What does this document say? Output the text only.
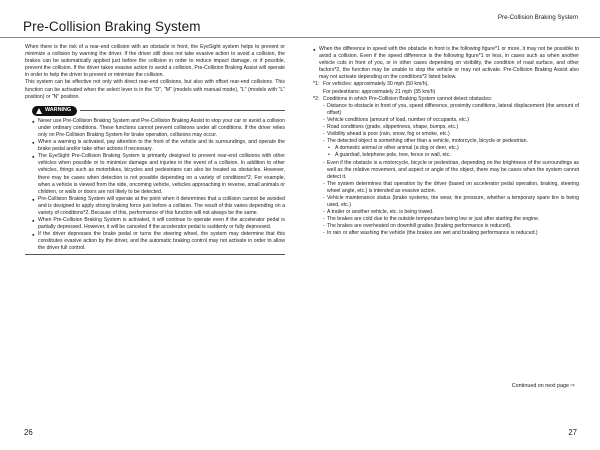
Pre-Collision Braking System
Pre-Collision Braking System

When there is the risk of a rear-end collision with an obstacle in front, the EyeSight system helps to prevent or minimize a collision by warning the driver. If the driver still does not take evasive action to avoid a collision, the brakes can be automatically applied just before the collision in order to reduce impact damage, or if possible, prevent the collision. If the driver takes evasive action to avoid a collision, Pre-Collision Braking Assist will operate in order to help the driver to prevent or minimize the collision.

This system can be effective not only with direct rear-end collisions, but also with offset rear-end collisions. This function can be activated when the select lever is in the "D", "M" (models with manual mode), "L" (models with "L" position) or "N" position.

WARNING
● Never use Pre-Collision Braking System and Pre-Collision Braking Assist to stop your car or avoid a collision under ordinary conditions. These functions cannot prevent collisions under all conditions. If the driver relies only on Pre-Collision Braking System for brake operation, collisions may occur.
● When a warning is activated, pay attention to the front of the vehicle and its surroundings, and operate the brake pedal and/or take other actions if necessary.
● The EyeSight Pre-Collision Braking System is primarily designed to prevent rear-end collisions with other vehicles when possible or to minimize damage and injuries in the event of a collision. In addition to other vehicles, things such as motorbikes, bicycles and pedestrians can also be treated as obstacles. However, there may be cases when detection is not possible depending on a variety of conditions*2. For example, when a vehicle is viewed from the side, oncoming vehicle, vehicles approaching in reverse, small animals or children, or walls or doors are not likely to be detected.
● Pre-Collision Braking System will operate at the point when it determines that a collision cannot be avoided and is designed to apply strong braking force just before a collision. The result of this varies depending on a variety of conditions*2. Because of this, performance of this function will not always be the same.
● When Pre-Collision Braking System is activated, it will continue to operate even if the accelerator pedal is partially depressed. However, it will be canceled if the accelerator pedal is suddenly or fully depressed.
● If the driver depresses the brake pedal or turns the steering wheel, the system may determine that this constitutes evasive action by the driver, and the automatic braking control may not activate in order to allow the driver full control.
● When the difference in speed with the obstacle in front is the following figure*1 or more, it may not be possible to avoid a collision. Even if the speed difference is the following figure*1 or less, in cases such as when another vehicle cuts in front of you, or in other cases depending on visibility, the condition of road surface, and other factors*2, the function may be unable to stop the vehicle or may not activate. Pre-Collision Braking Assist also may not activate depending on the conditions*2 listed below.
*1: For vehicles: approximately 30 mph (50 km/h),
For pedestrians: approximately 21 mph (35 km/h)
*2: Conditions in which Pre-Collision Braking System cannot detect obstacles:
- Distance to obstacle in front of you, speed difference, proximity conditions, lateral displacement (the amount of offset)
- Vehicle conditions (amount of load, number of occupants, etc.)
- Road conditions (grade, slipperiness, shape, bumps, etc.)
- Visibility ahead is poor (rain, snow, fog or smoke, etc.)
- The detected object is something other than a vehicle, motorcycle, bicycle or pedestrian.
• A domestic animal or other animal (a dog or deer, etc.)
• A guardrail, telephone pole, tree, fence or wall, etc.
- Even if the obstacle is a motorcycle, bicycle or pedestrian, depending on the brightness of the surroundings as well as the relative movement, and aspect or angle of the object, there may be cases when the system cannot detect it.
- The system determines that operation by the driver (based on accelerator pedal operation, braking, steering wheel angle, etc.) is intended as evasive action.
- Vehicle maintenance status (brake systems, tire wear, tire pressure, whether a temporary spare tire is being used, etc.)
- A trailer or another vehicle, etc. is being towed.
- The brakes are cold due to the outside temperature being low or just after starting the engine.
- The brakes are overheated on downhill grades (braking performance is reduced).
- In rain or after washing the vehicle (the brakes are wet and braking performance is reduced.)
Continued on next page ⇨
26	27
